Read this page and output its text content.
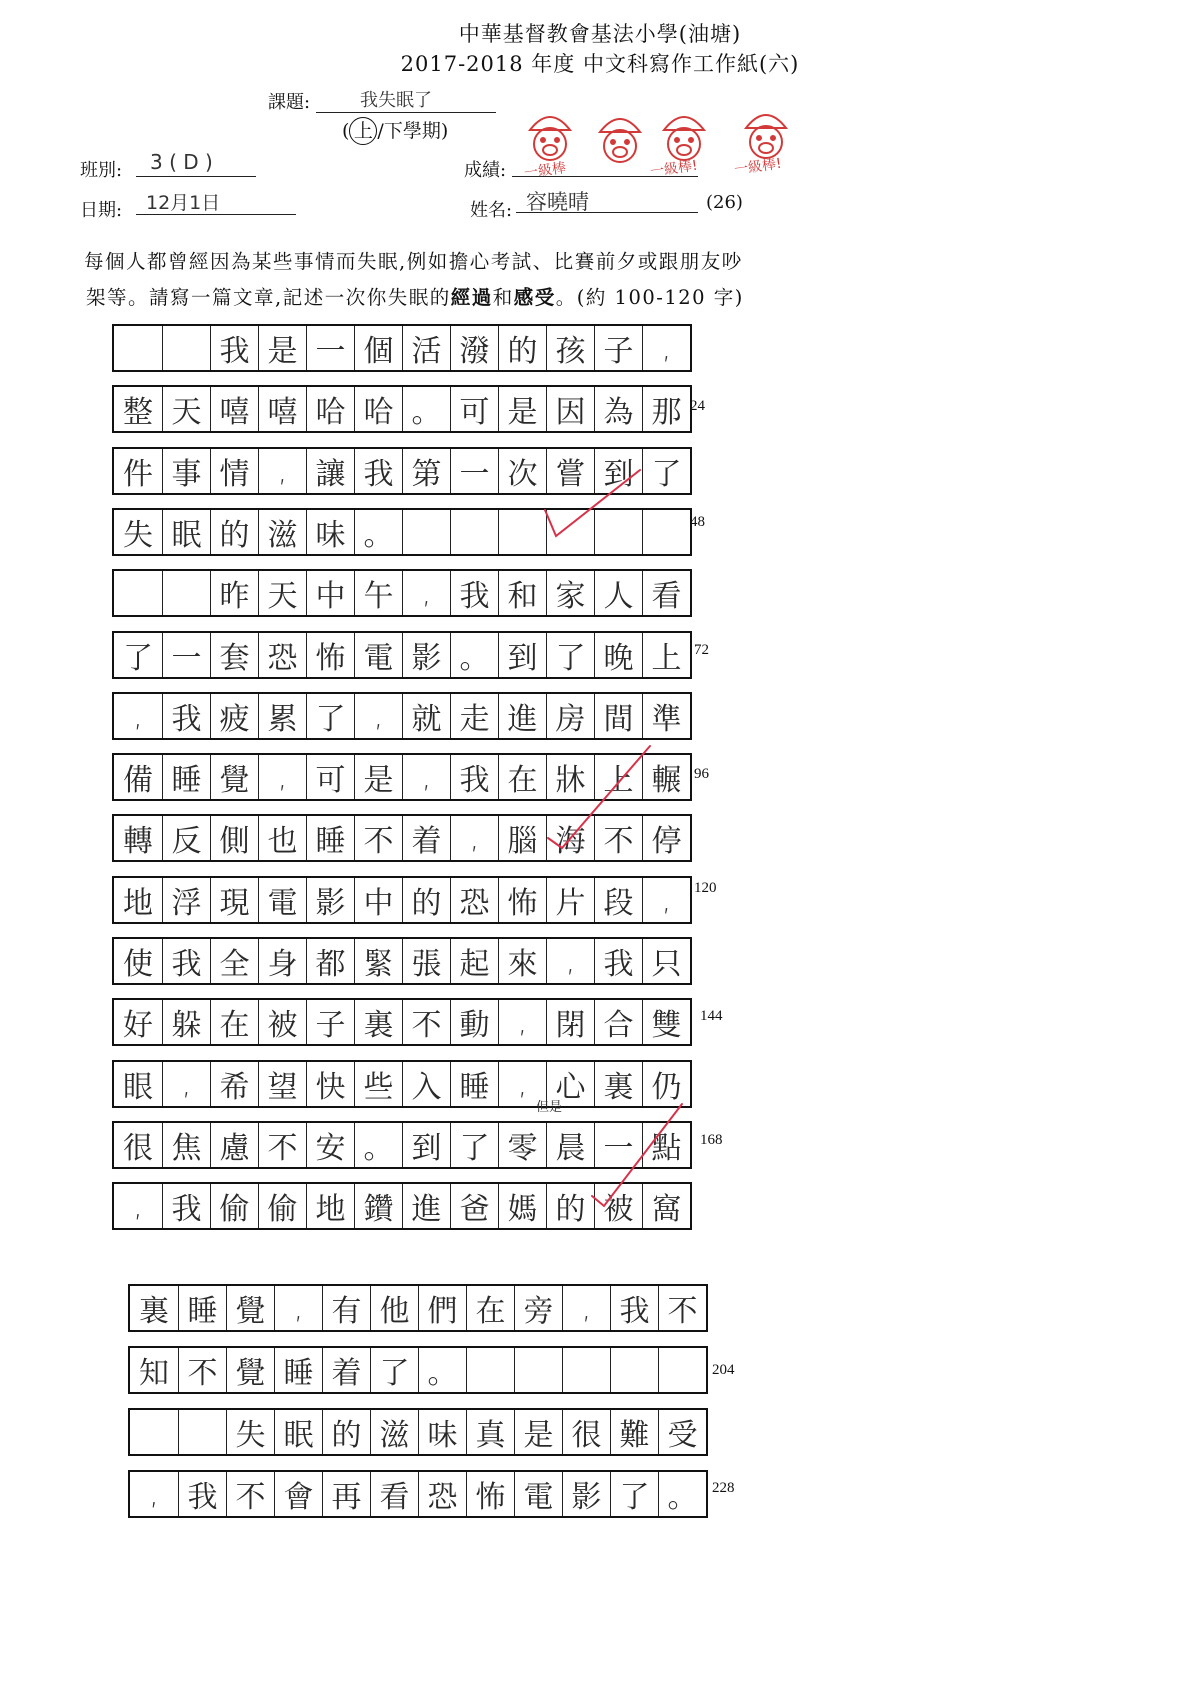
中華基督教會基法小學(油塘)
2017-2018 年度 中文科寫作工作紙(六)
課題:	我失眠了
( 上 /下學期)
班別: 3 ( D )
日期: 12月1日
成績:
姓名: 容曉晴	(26)
一級棒	一級棒! 一級棒!
每個人都曾經因為某些事情而失眠,例如擔心考試、比賽前夕或跟朋友吵
架等。請寫一篇文章,記述一次你失眠的經過和感受。(約 100-120 字)
我 是 一 個 活 潑 的 孩 子 ,
整 天 嘻 嘻 哈 哈 。 可 是 因 為 那
件 事 情 , 讓 我 第 一 次 嘗 到 了
失 眠 的 滋 味 。
昨 天 中 午 , 我 和 家 人 看
了 一 套 恐 怖 電 影 。 到 了 晚 上
, 我 疲 累 了 , 就 走 進 房 間 準
備 睡 覺 , 可 是 , 我 在 牀 上 輾
轉 反 側 也 睡 不 着 , 腦 海 不 停
地 浮 現 電 影 中 的 恐 怖 片 段 ,
使 我 全 身 都 緊 張 起 來 , 我 只
好 躲 在 被 子 裏 不 動 , 閉 合 雙
眼 , 希 望 快 些 入 睡 , 心 裏 仍
很 焦 慮 不 安 。 到 了 零 晨 一 點
, 我 偷 偷 地 鑽 進 爸 媽 的 被 窩
裏 睡 覺 , 有 他 們 在 旁 , 我 不
知 不 覺 睡 着 了 。
失 眠 的 滋 味 真 是 很 難 受
, 我 不 會 再 看 恐 怖 電 影 了 。
24
48
72
96
120
144
168
204
228
但是
